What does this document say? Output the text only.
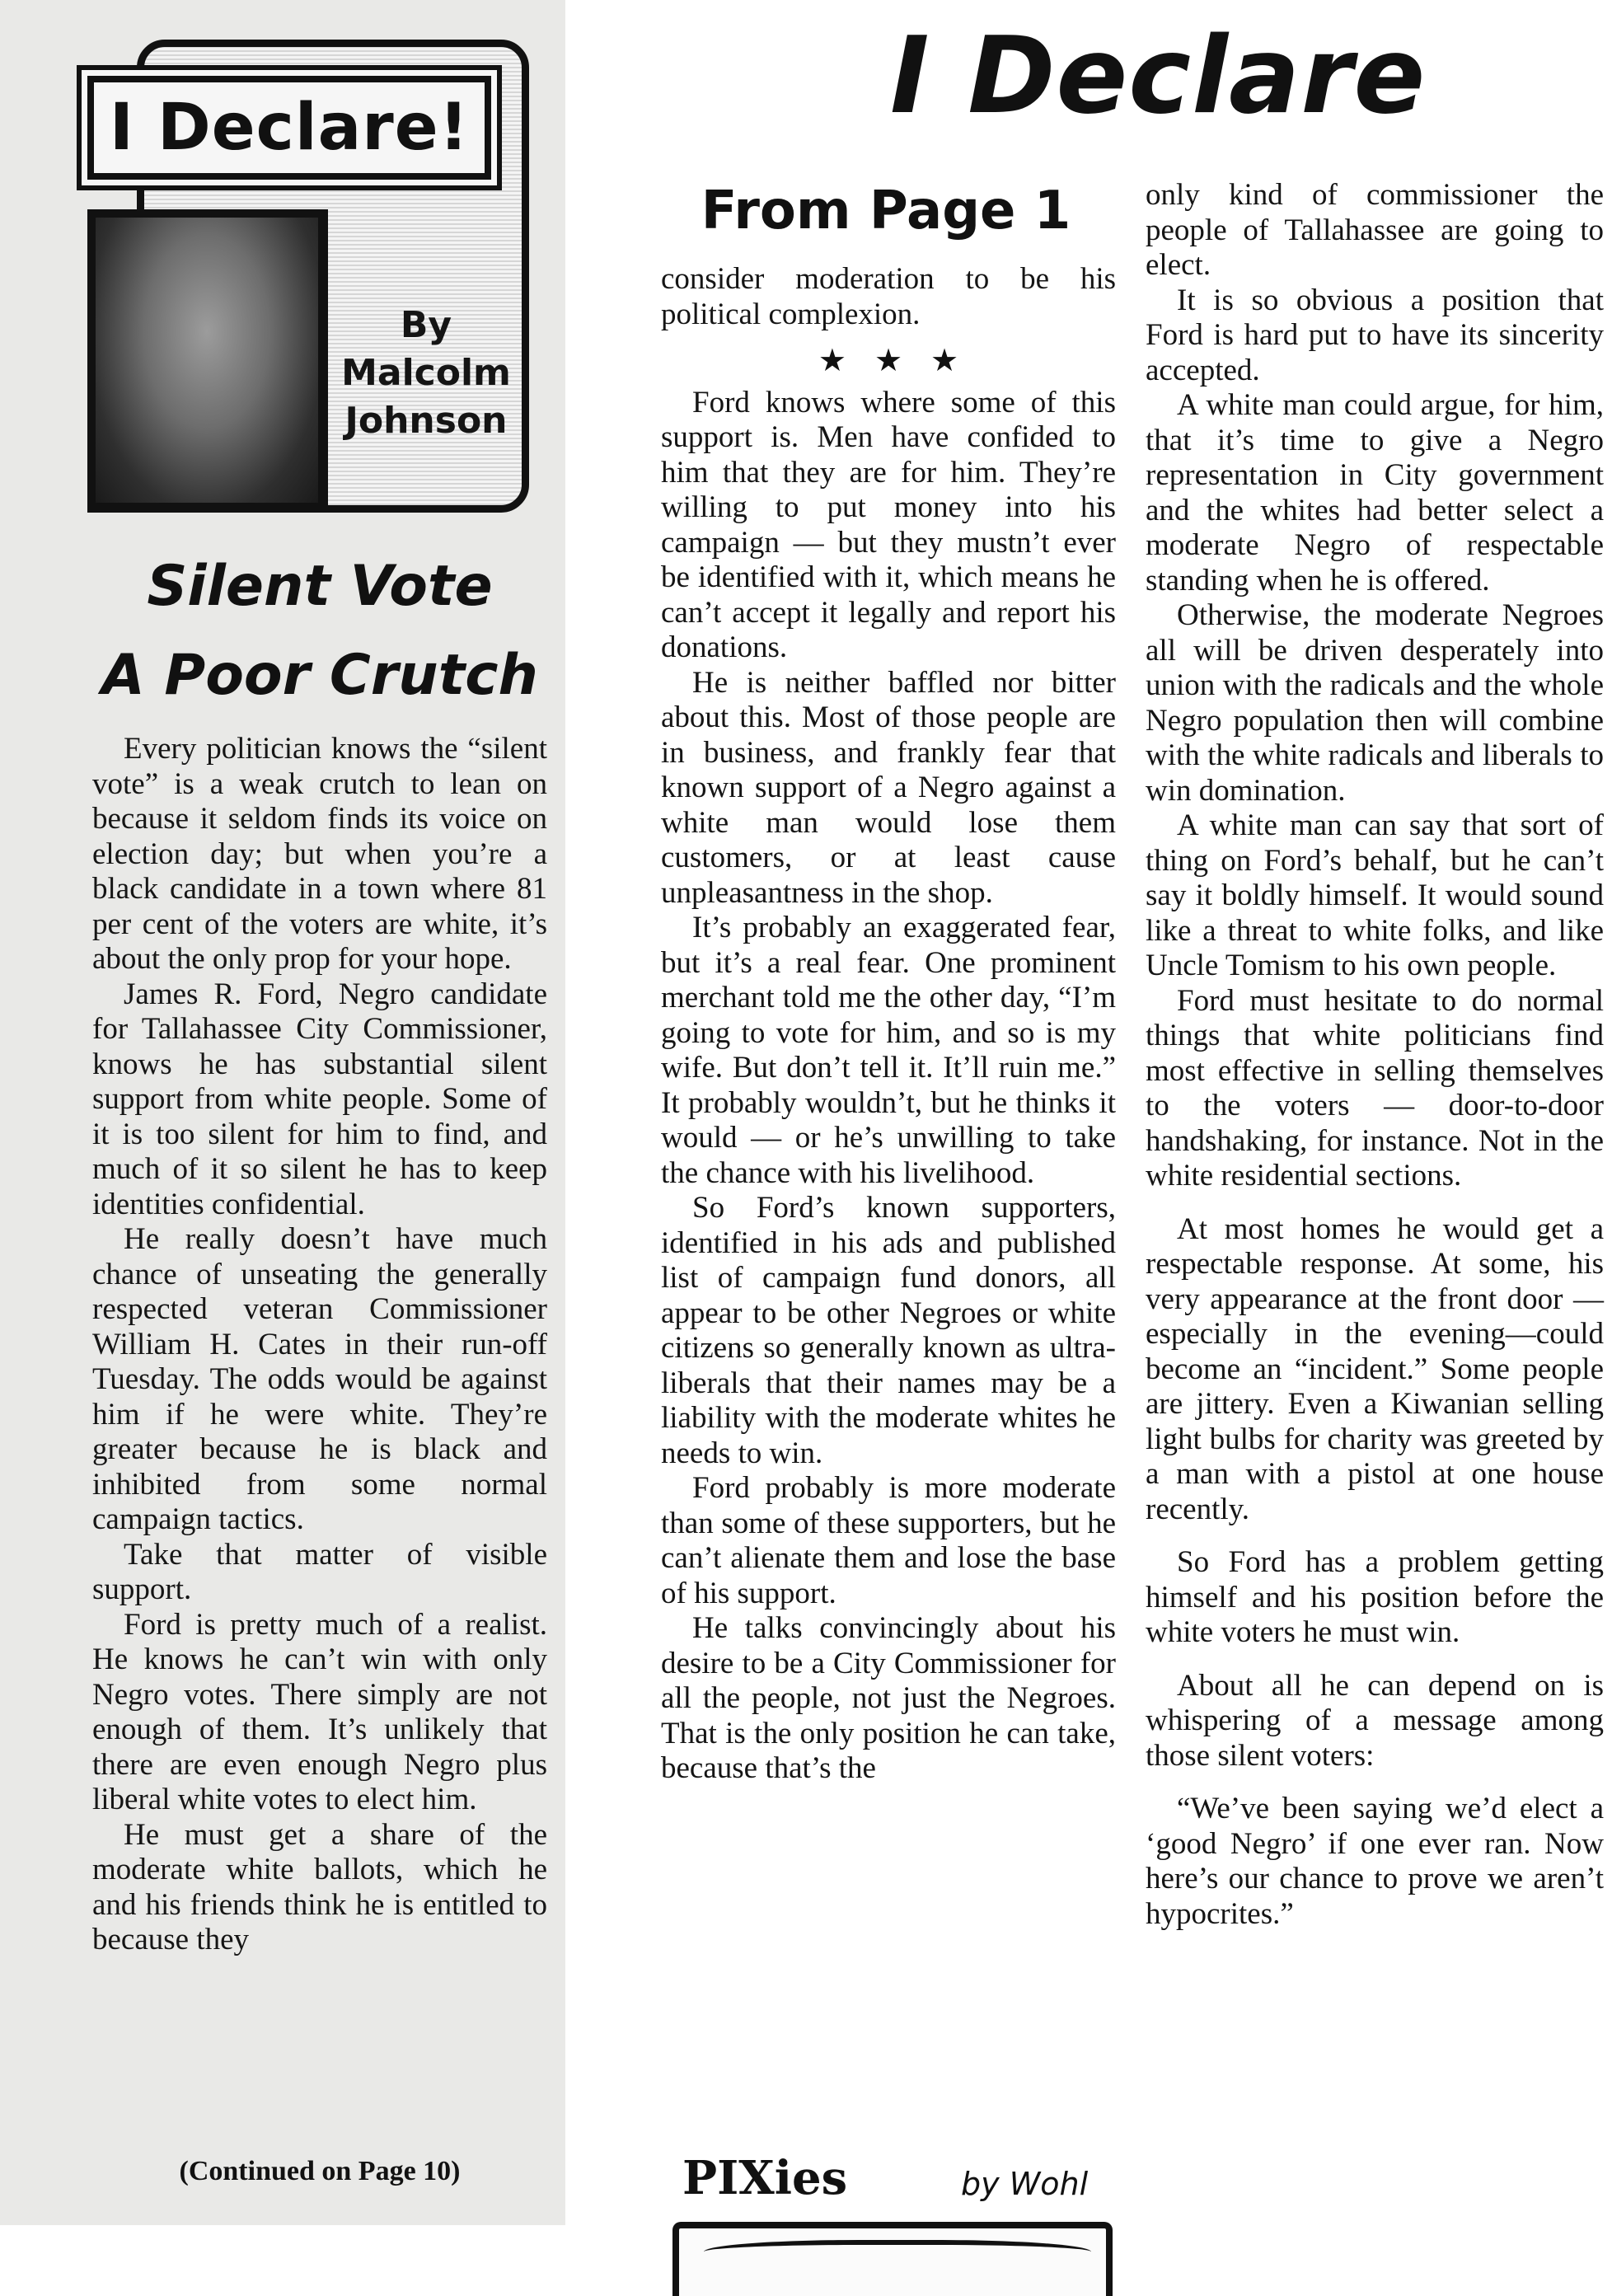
I Declare!
By
Malcolm
Johnson
Silent Vote
A Poor Crutch

Every politician knows the “silent vote” is a weak crutch to lean on because it seldom finds its voice on election day; but when you’re a black candidate in a town where 81 per cent of the voters are white, it’s about the only prop for your hope.

James R. Ford, Negro candidate for Tallahassee City Commissioner, knows he has substantial silent support from white people. Some of it is too silent for him to find, and much of it so silent he has to keep identities confidential.

He really doesn’t have much chance of unseating the generally respected veteran Commissioner William H. Cates in their run-off Tuesday. The odds would be against him if he were white. They’re greater because he is black and inhibited from some normal campaign tactics.

Take that matter of visible support.

Ford is pretty much of a realist. He knows he can’t win with only Negro votes. There simply are not enough of them. It’s unlikely that there are even enough Negro plus liberal white votes to elect him.

He must get a share of the moderate white ballots, which he and his friends think he is entitled to because they

(Continued on Page 10)
I Declare
From Page 1

consider moderation to be his political complexion.

★★★

Ford knows where some of this support is. Men have confided to him that they are for him. They’re willing to put money into his campaign — but they mustn’t ever be identified with it, which means he can’t accept it legally and report his donations.

He is neither baffled nor bitter about this. Most of those people are in business, and frankly fear that known support of a Negro against a white man would lose them customers, or at least cause unpleasantness in the shop.

It’s probably an exaggerated fear, but it’s a real fear. One prominent merchant told me the other day, “I’m going to vote for him, and so is my wife. But don’t tell it. It’ll ruin me.” It probably wouldn’t, but he thinks it would — or he’s unwilling to take the chance with his livelihood.

So Ford’s known supporters, identified in his ads and published list of campaign fund donors, all appear to be other Negroes or white citizens so generally known as ultra-liberals that their names may be a liability with the moderate whites he needs to win.

Ford probably is more moderate than some of these supporters, but he can’t alienate them and lose the base of his support.

He talks convincingly about his desire to be a City Commissioner for all the people, not just the Negroes. That is the only position he can take, because that’s the

only kind of commissioner the people of Tallahassee are going to elect.

It is so obvious a position that Ford is hard put to have its sincerity accepted.

A white man could argue, for him, that it’s time to give a Negro representation in City government and the whites had better select a moderate Negro of respectable standing when he is offered.

Otherwise, the moderate Negroes all will be driven desperately into union with the radicals and the whole Negro population then will combine with the white radicals and liberals to win domination.

A white man can say that sort of thing on Ford’s behalf, but he can’t say it boldly himself. It would sound like a threat to white folks, and like Uncle Tomism to his own people.

Ford must hesitate to do normal things that white politicians find most effective in selling themselves to the voters — door-to-door handshaking, for instance. Not in the white residential sections.

At most homes he would get a respectable response. At some, his very appearance at the front door — especially in the evening—could become an “incident.” Some people are jittery. Even a Kiwanian selling light bulbs for charity was greeted by a man with a pistol at one house recently.

So Ford has a problem getting himself and his position before the white voters he must win.

About all he can depend on is whispering of a message among those silent voters:

“We’ve been saying we’d elect a ‘good Negro’ if one ever ran. Now here’s our chance to prove we aren’t hypocrites.”

PIXies	by Wohl
